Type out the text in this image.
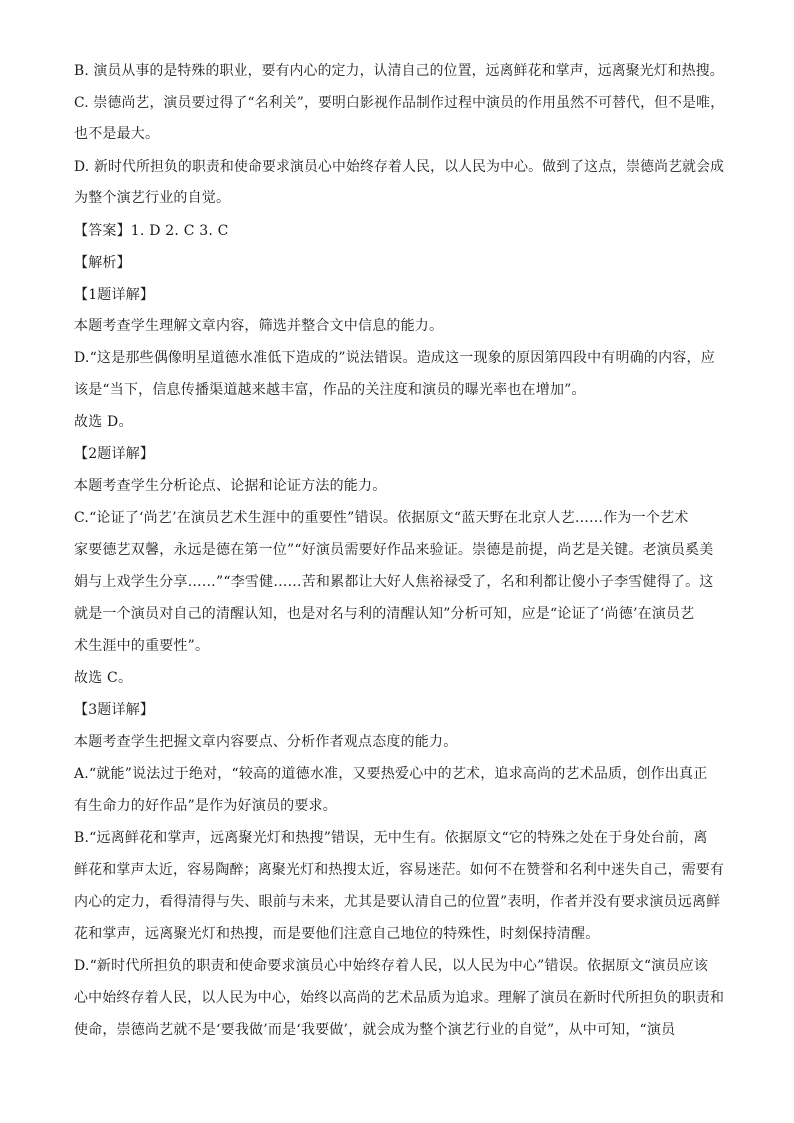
B. 演员从事的是特殊的职业，要有内心的定力，认清自己的位置，远离鲜花和掌声，远离聚光灯和热搜。
C. 崇德尚艺，演员要过得了“名利关”，要明白影视作品制作过程中演员的作用虽然不可替代，但不是唯，
也不是最大。
D. 新时代所担负的职责和使命要求演员心中始终存着人民，以人民为中心。做到了这点，崇德尚艺就会成
为整个演艺行业的自觉。
【答案】1. D 2. C 3. C
【解析】
【1题详解】
本题考查学生理解文章内容，筛选并整合文中信息的能力。
D.“这是那些偶像明星道德水准低下造成的”说法错误。造成这一现象的原因第四段中有明确的内容，应
该是“当下，信息传播渠道越来越丰富，作品的关注度和演员的曝光率也在增加”。
故选 D。
【2题详解】
本题考查学生分析论点、论据和论证方法的能力。
C.“论证了‘尚艺’在演员艺术生涯中的重要性”错误。依据原文“蓝天野在北京人艺……作为一个艺术
家要德艺双馨，永远是德在第一位”“好演员需要好作品来验证。崇德是前提，尚艺是关键。老演员奚美
娟与上戏学生分享……”“李雪健……苦和累都让大好人焦裕禄受了，名和利都让傻小子李雪健得了。这
就是一个演员对自己的清醒认知，也是对名与利的清醒认知”分析可知，应是“论证了‘尚德’在演员艺
术生涯中的重要性”。
故选 C。
【3题详解】
本题考查学生把握文章内容要点、分析作者观点态度的能力。
A.“就能”说法过于绝对，“较高的道德水准，又要热爱心中的艺术，追求高尚的艺术品质，创作出真正
有生命力的好作品”是作为好演员的要求。
B.“远离鲜花和掌声，远离聚光灯和热搜”错误，无中生有。依据原文“它的特殊之处在于身处台前，离
鲜花和掌声太近，容易陶醉；离聚光灯和热搜太近，容易迷茫。如何不在赞誉和名利中迷失自己，需要有
内心的定力，看得清得与失、眼前与未来，尤其是要认清自己的位置”表明，作者并没有要求演员远离鲜
花和掌声，远离聚光灯和热搜，而是要他们注意自己地位的特殊性，时刻保持清醒。
D.“新时代所担负的职责和使命要求演员心中始终存着人民，以人民为中心”错误。依据原文“演员应该
心中始终存着人民，以人民为中心，始终以高尚的艺术品质为追求。理解了演员在新时代所担负的职责和
使命，崇德尚艺就不是‘要我做’而是‘我要做’，就会成为整个演艺行业的自觉”，从中可知，“演员
